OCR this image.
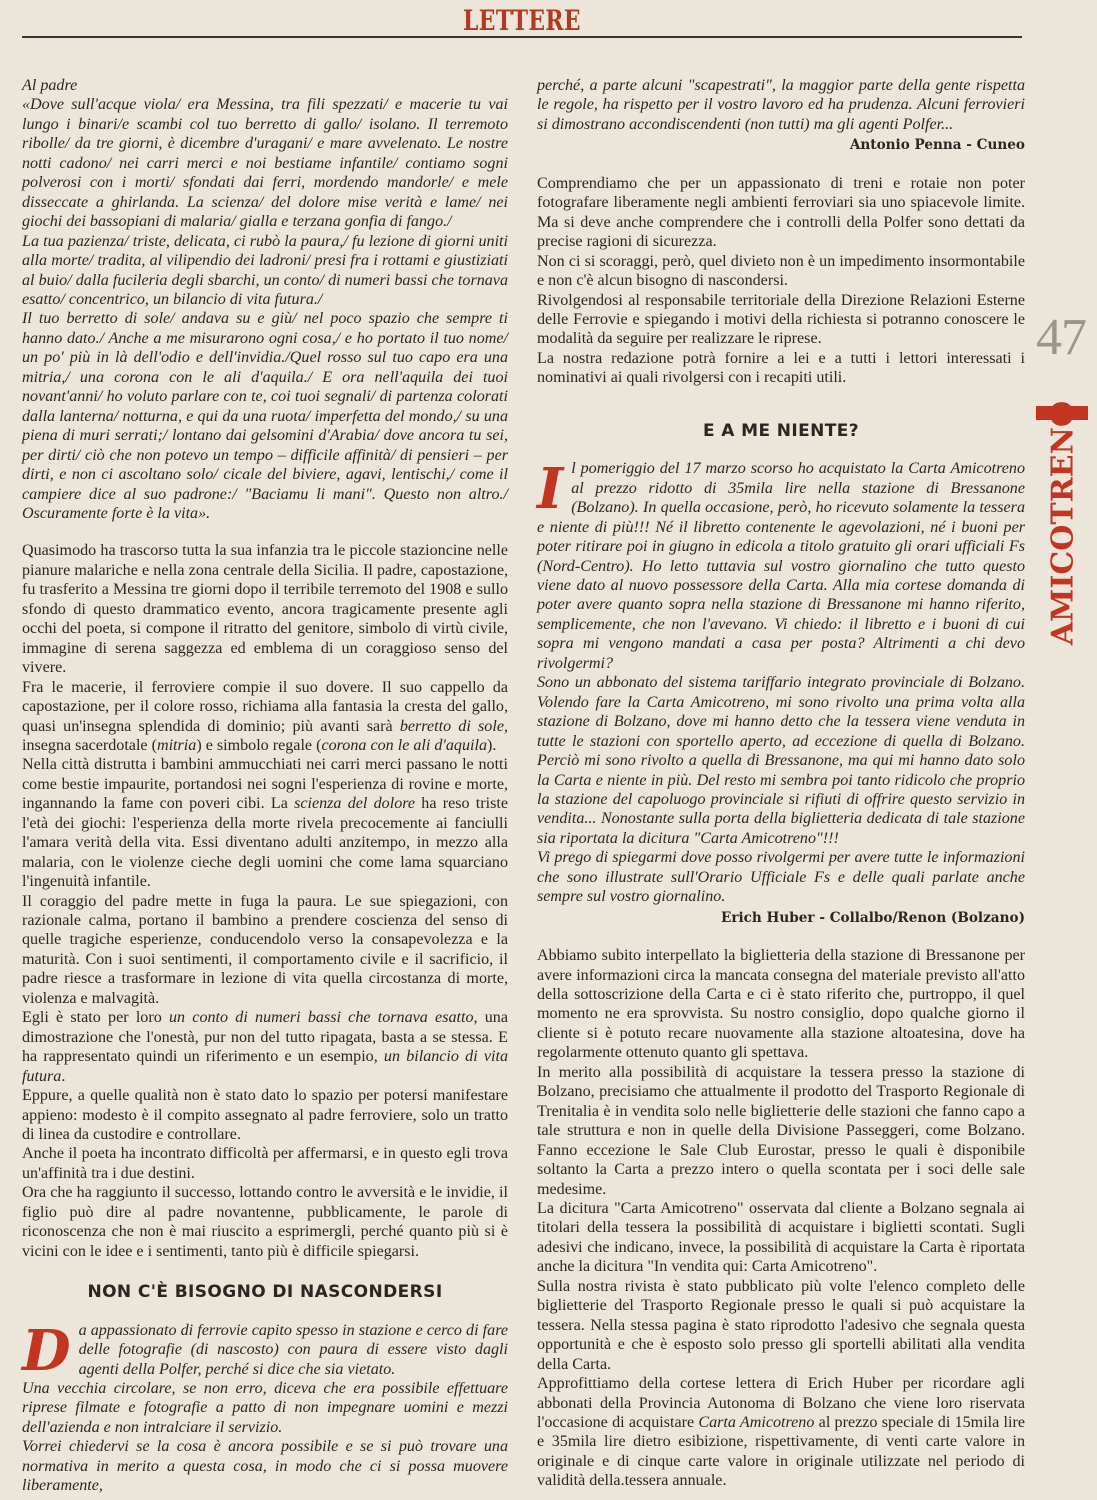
LETTERE

Al padre

«Dove sull'acque viola/ era Messina, tra fili spezzati/ e macerie tu vai lungo i binari/e scambi col tuo berretto di gallo/ isolano. Il terremoto ribolle/ da tre giorni, è dicembre d'uragani/ e mare avvelenato. Le nostre notti cadono/ nei carri merci e noi bestiame infantile/ contiamo sogni polverosi con i morti/ sfondati dai ferri, mordendo mandorle/ e mele disseccate a ghirlanda. La scienza/ del dolore mise verità e lame/ nei giochi dei bassopiani di malaria/ gialla e terzana gonfia di fango./

La tua pazienza/ triste, delicata, ci rubò la paura,/ fu lezione di giorni uniti alla morte/ tradita, al vilipendio dei ladroni/ presi fra i rottami e giustiziati al buio/ dalla fucileria degli sbarchi, un conto/ di numeri bassi che tornava esatto/ concentrico, un bilancio di vita futura./

Il tuo berretto di sole/ andava su e giù/ nel poco spazio che sempre ti hanno dato./ Anche a me misurarono ogni cosa,/ e ho portato il tuo nome/ un po' più in là dell'odio e dell'invidia./Quel rosso sul tuo capo era una mitria,/ una corona con le ali d'aquila./ E ora nell'aquila dei tuoi novant'anni/ ho voluto parlare con te, coi tuoi segnali/ di partenza colorati dalla lanterna/ notturna, e qui da una ruota/ imperfetta del mondo,/ su una piena di muri serrati;/ lontano dai gelsomini d'Arabia/ dove ancora tu sei, per dirti/ ciò che non potevo un tempo – difficile affinità/ di pensieri – per dirti, e non ci ascoltano solo/ cicale del biviere, agavi, lentischi,/ come il campiere dice al suo padrone:/ "Baciamu li mani". Questo non altro./ Oscuramente forte è la vita».

Quasimodo ha trascorso tutta la sua infanzia tra le piccole stazioncine nelle pianure malariche e nella zona centrale della Sicilia. Il padre, capostazione, fu trasferito a Messina tre giorni dopo il terribile terremoto del 1908 e sullo sfondo di questo drammatico evento, ancora tragicamente presente agli occhi del poeta, si compone il ritratto del genitore, simbolo di virtù civile, immagine di serena saggezza ed emblema di un coraggioso senso del vivere.

Fra le macerie, il ferroviere compie il suo dovere. Il suo cappello da capostazione, per il colore rosso, richiama alla fantasia la cresta del gallo, quasi un'insegna splendida di dominio; più avanti sarà berretto di sole, insegna sacerdotale (mitria) e simbolo regale (corona con le ali d'aquila).

Nella città distrutta i bambini ammucchiati nei carri merci passano le notti come bestie impaurite, portandosi nei sogni l'esperienza di rovine e morte, ingannando la fame con poveri cibi. La scienza del dolore ha reso triste l'età dei giochi: l'esperienza della morte rivela precocemente ai fanciulli l'amara verità della vita. Essi diventano adulti anzitempo, in mezzo alla malaria, con le violenze cieche degli uomini che come lama squarciano l'ingenuità infantile.

Il coraggio del padre mette in fuga la paura. Le sue spiegazioni, con razionale calma, portano il bambino a prendere coscienza del senso di quelle tragiche esperienze, conducendolo verso la consapevolezza e la maturità. Con i suoi sentimenti, il comportamento civile e il sacrificio, il padre riesce a trasformare in lezione di vita quella circostanza di morte, violenza e malvagità.

Egli è stato per loro un conto di numeri bassi che tornava esatto, una dimostrazione che l'onestà, pur non del tutto ripagata, basta a se stessa. E ha rappresentato quindi un riferimento e un esempio, un bilancio di vita futura.

Eppure, a quelle qualità non è stato dato lo spazio per potersi manifestare appieno: modesto è il compito assegnato al padre ferroviere, solo un tratto di linea da custodire e controllare.

Anche il poeta ha incontrato difficoltà per affermarsi, e in questo egli trova un'affinità tra i due destini.

Ora che ha raggiunto il successo, lottando contro le avversità e le invidie, il figlio può dire al padre novantenne, pubblicamente, le parole di riconoscenza che non è mai riuscito a esprimergli, perché quanto più si è vicini con le idee e i sentimenti, tanto più è difficile spiegarsi.

NON C'È BISOGNO DI NASCONDERSI

Da appassionato di ferrovie capito spesso in stazione e cerco di fare delle fotografie (di nascosto) con paura di essere visto dagli agenti della Polfer, perché si dice che sia vietato.

Una vecchia circolare, se non erro, diceva che era possibile effettuare riprese filmate e fotografie a patto di non impegnare uomini e mezzi dell'azienda e non intralciare il servizio.

Vorrei chiedervi se la cosa è ancora possibile e se si può trovare una normativa in merito a questa cosa, in modo che ci si possa muovere liberamente,

perché, a parte alcuni "scapestrati", la maggior parte della gente rispetta le regole, ha rispetto per il vostro lavoro ed ha prudenza. Alcuni ferrovieri si dimostrano accondiscendenti (non tutti) ma gli agenti Polfer...

Antonio Penna - Cuneo

Comprendiamo che per un appassionato di treni e rotaie non poter fotografare liberamente negli ambienti ferroviari sia uno spiacevole limite. Ma si deve anche comprendere che i controlli della Polfer sono dettati da precise ragioni di sicurezza.

Non ci si scoraggi, però, quel divieto non è un impedimento insormontabile e non c'è alcun bisogno di nascondersi.

Rivolgendosi al responsabile territoriale della Direzione Relazioni Esterne delle Ferrovie e spiegando i motivi della richiesta si potranno conoscere le modalità da seguire per realizzare le riprese.

La nostra redazione potrà fornire a lei e a tutti i lettori interessati i nominativi ai quali rivolgersi con i recapiti utili.

E A ME NIENTE?

Il pomeriggio del 17 marzo scorso ho acquistato la Carta Amicotreno al prezzo ridotto di 35mila lire nella stazione di Bressanone (Bolzano). In quella occasione, però, ho ricevuto solamente la tessera e niente di più!!! Né il libretto contenente le agevolazioni, né i buoni per poter ritirare poi in giugno in edicola a titolo gratuito gli orari ufficiali Fs (Nord-Centro). Ho letto tuttavia sul vostro giornalino che tutto questo viene dato al nuovo possessore della Carta. Alla mia cortese domanda di poter avere quanto sopra nella stazione di Bressanone mi hanno riferito, semplicemente, che non l'avevano. Vi chiedo: il libretto e i buoni di cui sopra mi vengono mandati a casa per posta? Altrimenti a chi devo rivolgermi?

Sono un abbonato del sistema tariffario integrato provinciale di Bolzano. Volendo fare la Carta Amicotreno, mi sono rivolto una prima volta alla stazione di Bolzano, dove mi hanno detto che la tessera viene venduta in tutte le stazioni con sportello aperto, ad eccezione di quella di Bolzano. Perciò mi sono rivolto a quella di Bressanone, ma qui mi hanno dato solo la Carta e niente in più. Del resto mi sembra poi tanto ridicolo che proprio la stazione del capoluogo provinciale si rifiuti di offrire questo servizio in vendita... Nonostante sulla porta della biglietteria dedicata di tale stazione sia riportata la dicitura "Carta Amicotreno"!!!

Vi prego di spiegarmi dove posso rivolgermi per avere tutte le informazioni che sono illustrate sull'Orario Ufficiale Fs e delle quali parlate anche sempre sul vostro giornalino.

Erich Huber - Collalbo/Renon (Bolzano)

Abbiamo subito interpellato la biglietteria della stazione di Bressanone per avere informazioni circa la mancata consegna del materiale previsto all'atto della sottoscrizione della Carta e ci è stato riferito che, purtroppo, il quel momento ne era sprovvista. Su nostro consiglio, dopo qualche giorno il cliente si è potuto recare nuovamente alla stazione altoatesina, dove ha regolarmente ottenuto quanto gli spettava.

In merito alla possibilità di acquistare la tessera presso la stazione di Bolzano, precisiamo che attualmente il prodotto del Trasporto Regionale di Trenitalia è in vendita solo nelle biglietterie delle stazioni che fanno capo a tale struttura e non in quelle della Divisione Passeggeri, come Bolzano. Fanno eccezione le Sale Club Eurostar, presso le quali è disponibile soltanto la Carta a prezzo intero o quella scontata per i soci delle sale medesime.

La dicitura "Carta Amicotreno" osservata dal cliente a Bolzano segnala ai titolari della tessera la possibilità di acquistare i biglietti scontati. Sugli adesivi che indicano, invece, la possibilità di acquistare la Carta è riportata anche la dicitura "In vendita qui: Carta Amicotreno".

Sulla nostra rivista è stato pubblicato più volte l'elenco completo delle biglietterie del Trasporto Regionale presso le quali si può acquistare la tessera. Nella stessa pagina è stato riprodotto l'adesivo che segnala questa opportunità e che è esposto solo presso gli sportelli abilitati alla vendita della Carta.

Approfittiamo della cortese lettera di Erich Huber per ricordare agli abbonati della Provincia Autonoma di Bolzano che viene loro riservata l'occasione di acquistare Carta Amicotreno al prezzo speciale di 15mila lire e 35mila lire dietro esibizione, rispettivamente, di venti carte valore in originale e di cinque carte valore in originale utilizzate nel periodo di validità della.tessera annuale.

47
AMICOTRENO
